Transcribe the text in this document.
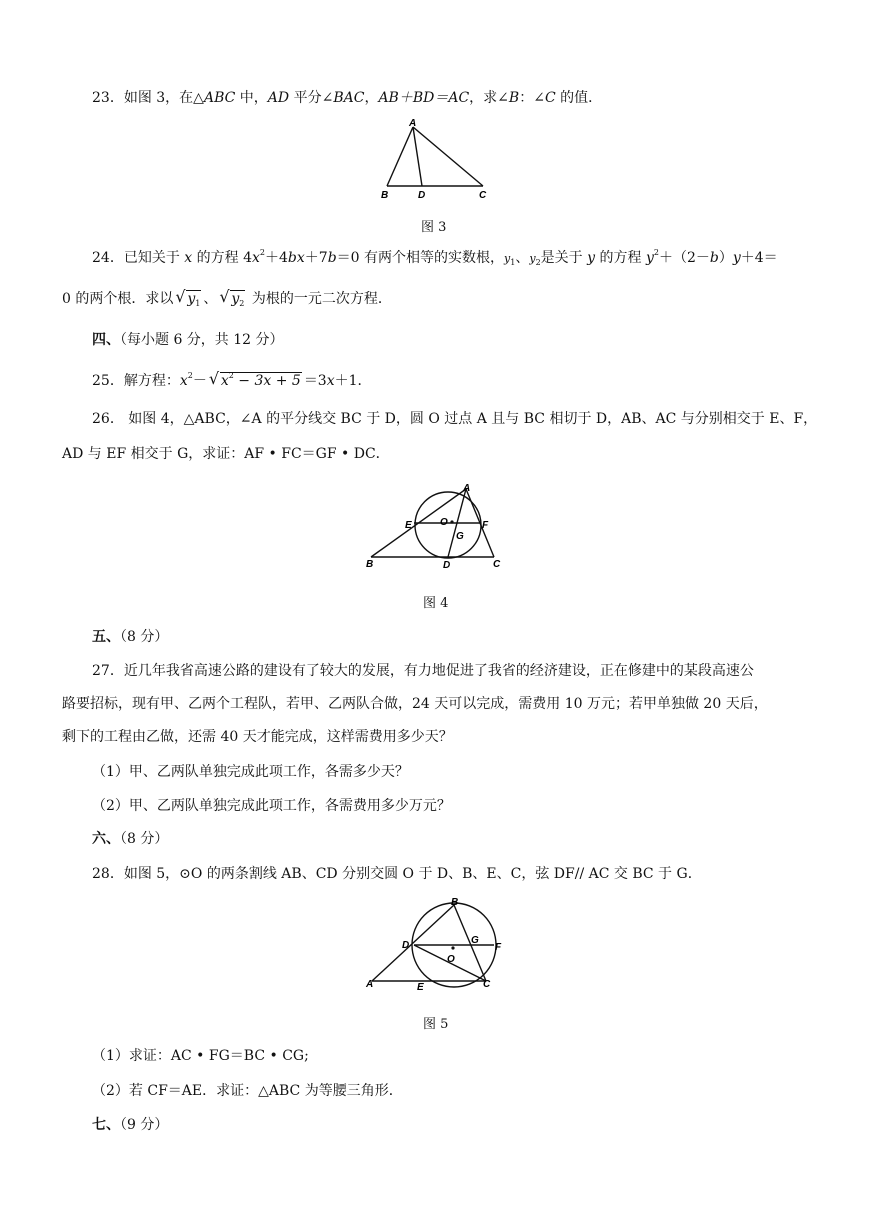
23．如图 3，在△ABC 中，AD 平分∠BAC，AB＋BD＝AC，求∠B：∠C 的值．
A
B	D	C
图 3
24．已知关于 x 的方程 $4x^2+4bx+7b=0$ 有两个相等的实数根，$y_1$、$y_2$是关于 y 的方程 $y^2+(2-b)y+4=$
0 的两个根．求以√ $y_1$ 、√ $y_2$ 为根的一元二次方程．
四、（每小题 6 分，共 12 分）
25．解方程：$x^2-√$ $x^2 - 3x + 5 =3x+1$．
26． 如图 4，△ABC，∠A 的平分线交 BC 于 D，圆 O 过点 A 且与 BC 相切于 D，AB、AC 与分别相交于 E、F，
AD 与 EF 相交于 G，求证：AF • FC＝GF • DC．
A
E	O	F
G
B	D	C
图 4
五、（8 分）
27．近几年我省高速公路的建设有了较大的发展，有力地促进了我省的经济建设，正在修建中的某段高速公
路要招标，现有甲、乙两个工程队，若甲、乙两队合做，24 天可以完成，需费用 10 万元；若甲单独做 20 天后，
剩下的工程由乙做，还需 40 天才能完成，这样需费用多少天？
（1）甲、乙两队单独完成此项工作，各需多少天？
（2）甲、乙两队单独完成此项工作，各需费用多少万元？
六、（8 分）
28．如图 5，⊙O 的两条割线 AB、CD 分别交圆 O 于 D、B、E、C，弦 DF// AC 交 BC 于 G．
B
D	G
F
O
A	E	C
图 5
（1）求证：AC • FG＝BC • CG;
（2）若 CF＝AE．求证：△ABC 为等腰三角形．
七、（9 分）
